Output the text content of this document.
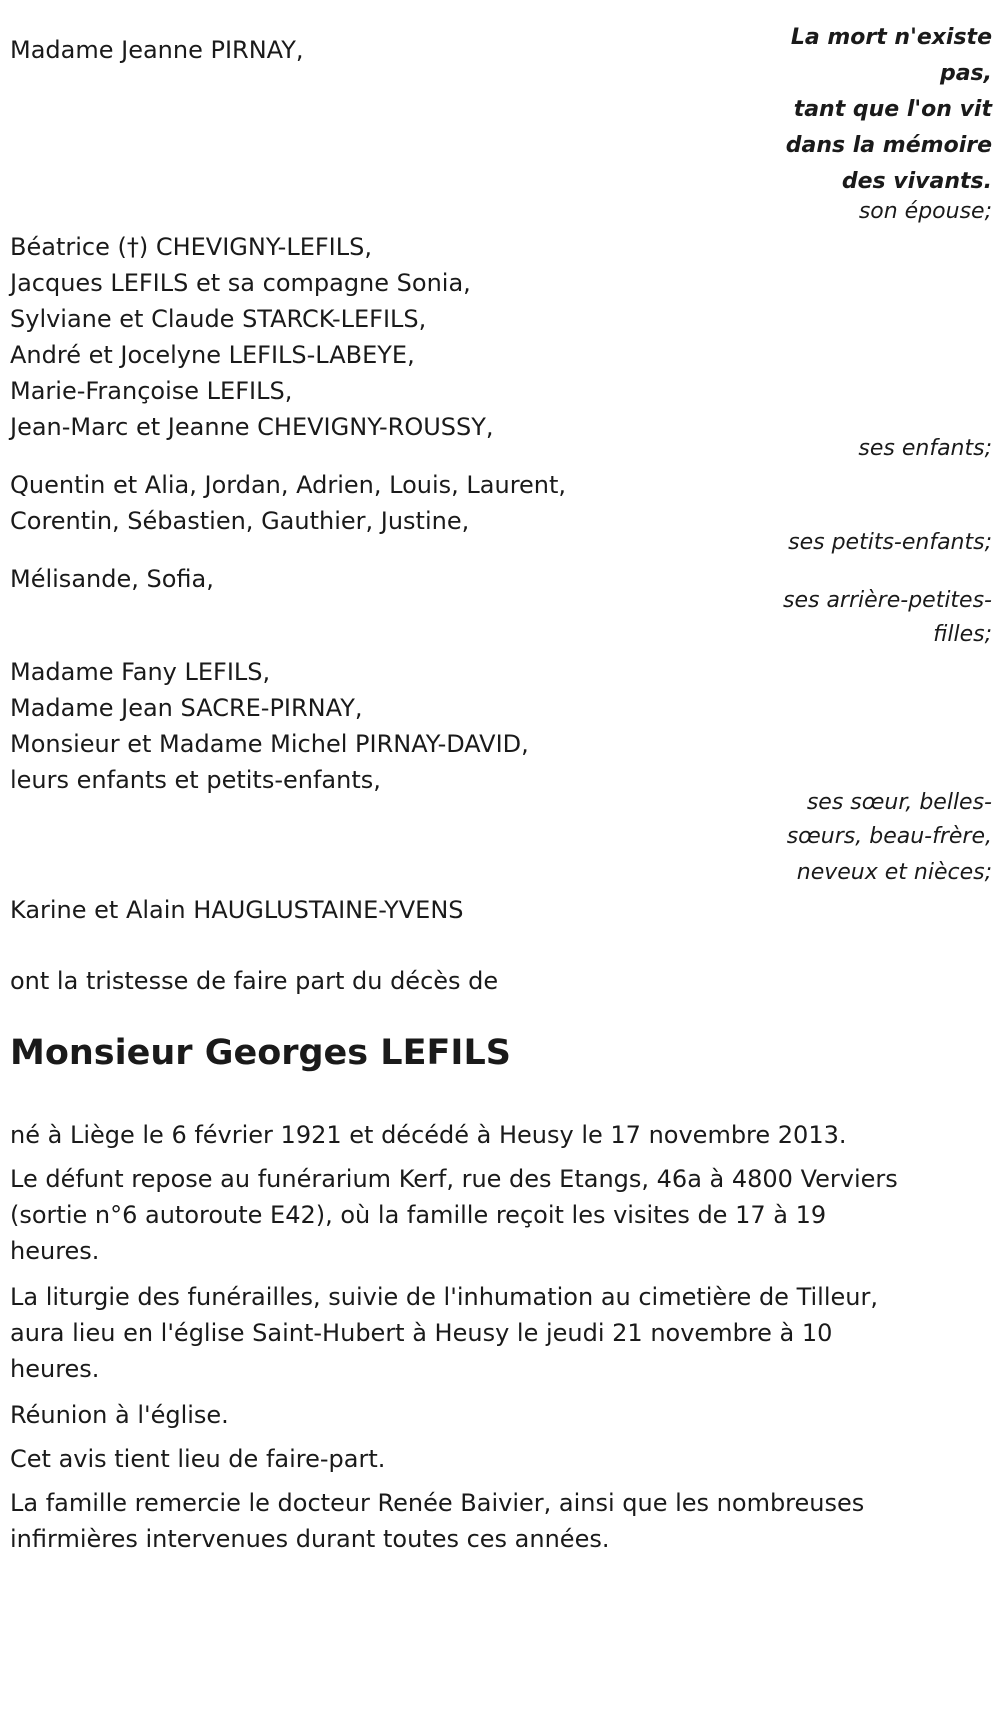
La mort n'existe
pas,
tant que l'on vit
dans la mémoire
des vivants.
Madame Jeanne PIRNAY,
son épouse;
Béatrice (†) CHEVIGNY-LEFILS,
Jacques LEFILS et sa compagne Sonia,
Sylviane et Claude STARCK-LEFILS,
André et Jocelyne LEFILS-LABEYE,
Marie-Françoise LEFILS,
Jean-Marc et Jeanne CHEVIGNY-ROUSSY,
ses enfants;
Quentin et Alia, Jordan, Adrien, Louis, Laurent,
Corentin, Sébastien, Gauthier, Justine,
ses petits-enfants;
Mélisande, Sofia,
ses arrière-petites-
filles;
Madame Fany LEFILS,
Madame Jean SACRE-PIRNAY,
Monsieur et Madame Michel PIRNAY-DAVID,
leurs enfants et petits-enfants,
ses sœur, belles-
sœurs, beau-frère,
neveux et nièces;
Karine et Alain HAUGLUSTAINE-YVENS
ont la tristesse de faire part du décès de
Monsieur Georges LEFILS
né à Liège le 6 février 1921 et décédé à Heusy le 17 novembre 2013.
Le défunt repose au funérarium Kerf, rue des Etangs, 46a à 4800 Verviers (sortie n°6 autoroute E42), où la famille reçoit les visites de 17 à 19 heures.
La liturgie des funérailles, suivie de l'inhumation au cimetière de Tilleur, aura lieu en l'église Saint-Hubert à Heusy le jeudi 21 novembre à 10 heures.
Réunion à l'église.
Cet avis tient lieu de faire-part.
La famille remercie le docteur Renée Baivier, ainsi que les nombreuses infirmières intervenues durant toutes ces années.
